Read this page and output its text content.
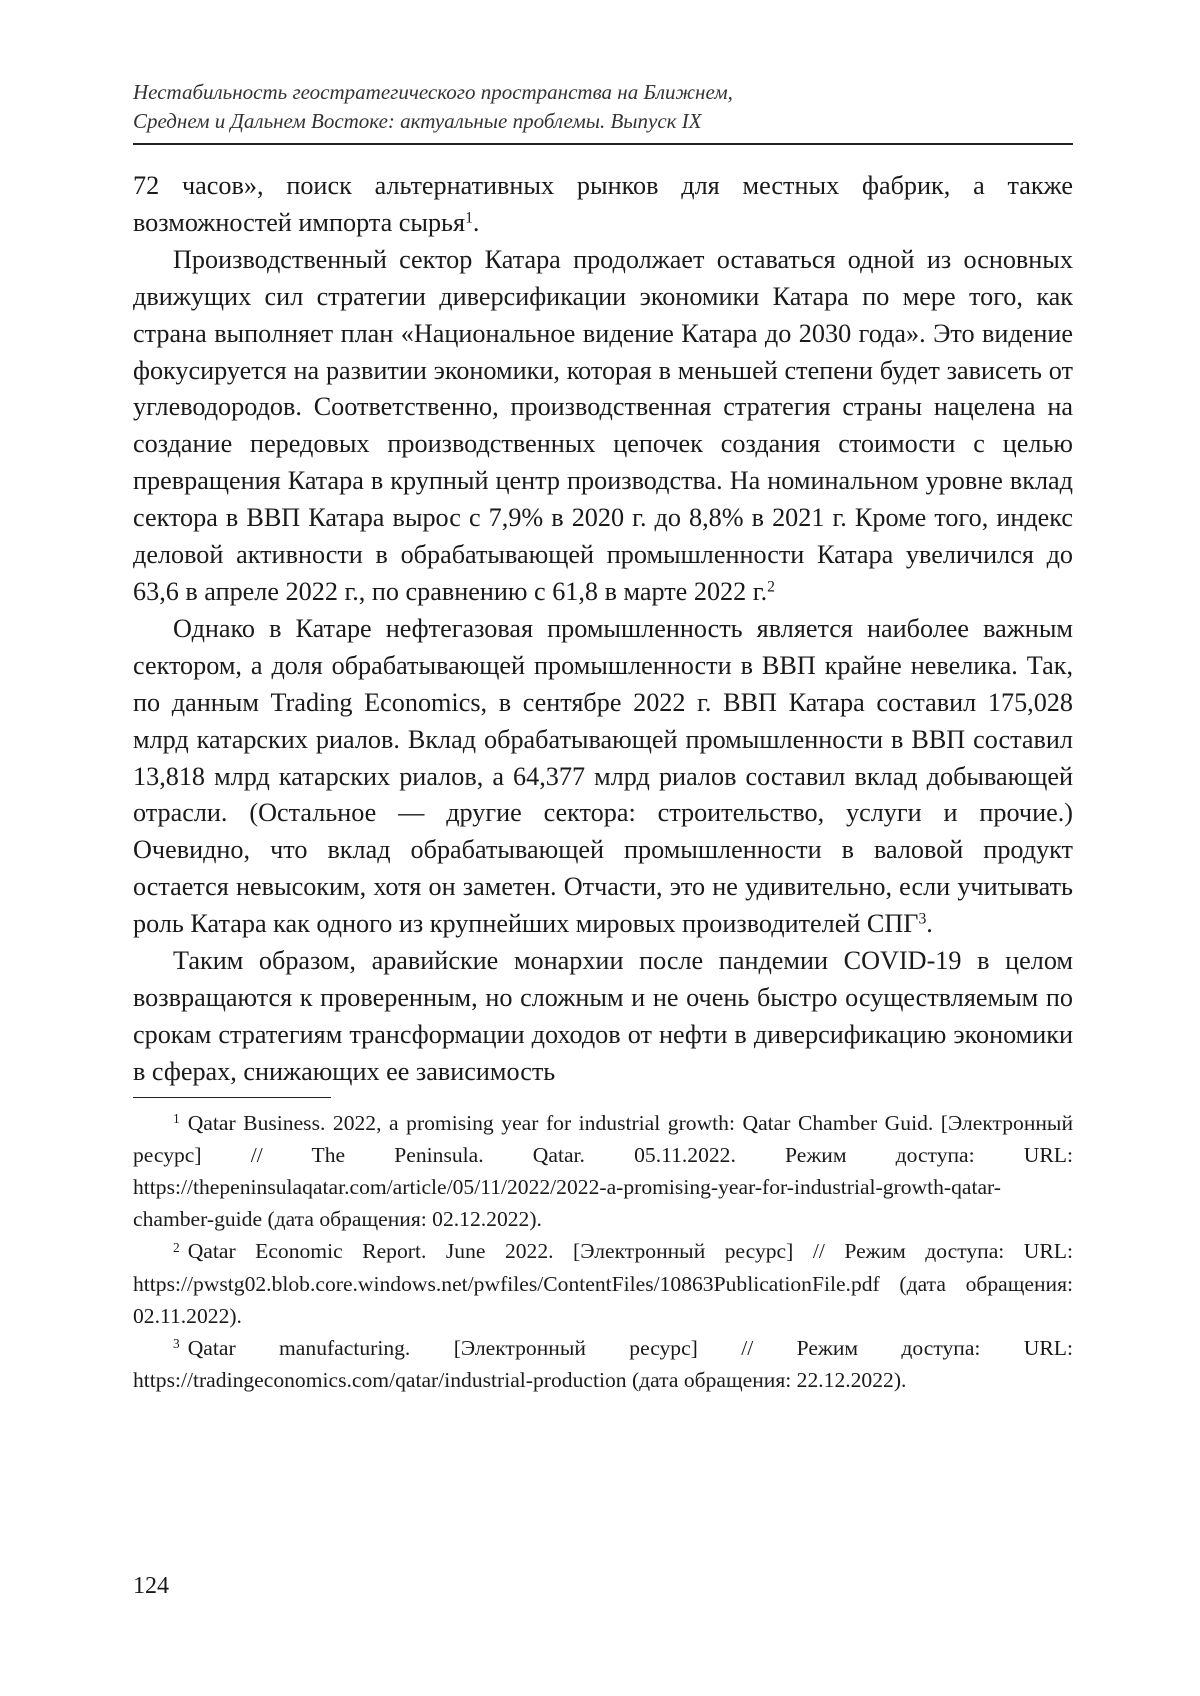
Нестабильность геостратегического пространства на Ближнем,
Среднем и Дальнем Востоке: актуальные проблемы. Выпуск IX

72 часов», поиск альтернативных рынков для местных фабрик, а также возможностей импорта сырья$^1$.

Производственный сектор Катара продолжает оставаться одной из основных движущих сил стратегии диверсификации экономики Катара по мере того, как страна выполняет план «Национальное видение Катара до 2030 года». Это видение фокусируется на развитии экономики, которая в меньшей степени будет зависеть от углеводородов. Соответственно, производственная стратегия страны нацелена на создание передовых производственных цепочек создания стоимости с целью превращения Катара в крупный центр производства. На номинальном уровне вклад сектора в ВВП Катара вырос с 7,9% в 2020 г. до 8,8% в 2021 г. Кроме того, индекс деловой активности в обрабатывающей промышленности Катара увеличился до 63,6 в апреле 2022 г., по сравнению с 61,8 в марте 2022 г.$^2$

Однако в Катаре нефтегазовая промышленность является наиболее важным сектором, а доля обрабатывающей промышленности в ВВП крайне невелика. Так, по данным Trading Economics, в сентябре 2022 г. ВВП Катара составил 175,028 млрд катарских риалов. Вклад обрабатывающей промышленности в ВВП составил 13,818 млрд катарских риалов, а 64,377 млрд риалов составил вклад добывающей отрасли. (Остальное — другие сектора: строительство, услуги и прочие.) Очевидно, что вклад обрабатывающей промышленности в валовой продукт остается невысоким, хотя он заметен. Отчасти, это не удивительно, если учитывать роль Катара как одного из крупнейших мировых производителей СПГ$^3$.

Таким образом, аравийские монархии после пандемии COVID-19 в целом возвращаются к проверенным, но сложным и не очень быстро осуществляемым по срокам стратегиям трансформации доходов от нефти в диверсификацию экономики в сферах, снижающих ее зависимость

$^1$ Qatar Business. 2022, a promising year for industrial growth: Qatar Chamber Guid. [Электронный ресурс] // The Peninsula. Qatar. 05.11.2022. Режим доступа: URL: https://thepeninsulaqatar.com/article/05/11/2022/2022-a-promising-year-for-industrial-growth-qatar-chamber-guide (дата обращения: 02.12.2022).

$^2$ Qatar Economic Report. June 2022. [Электронный ресурс] // Режим доступа: URL: https://pwstg02.blob.core.windows.net/pwfiles/ContentFiles/10863PublicationFile.pdf (дата обращения: 02.11.2022).

$^3$ Qatar manufacturing. [Электронный ресурс] // Режим доступа: URL: https://tradingeconomics.com/qatar/industrial-production (дата обращения: 22.12.2022).

124
